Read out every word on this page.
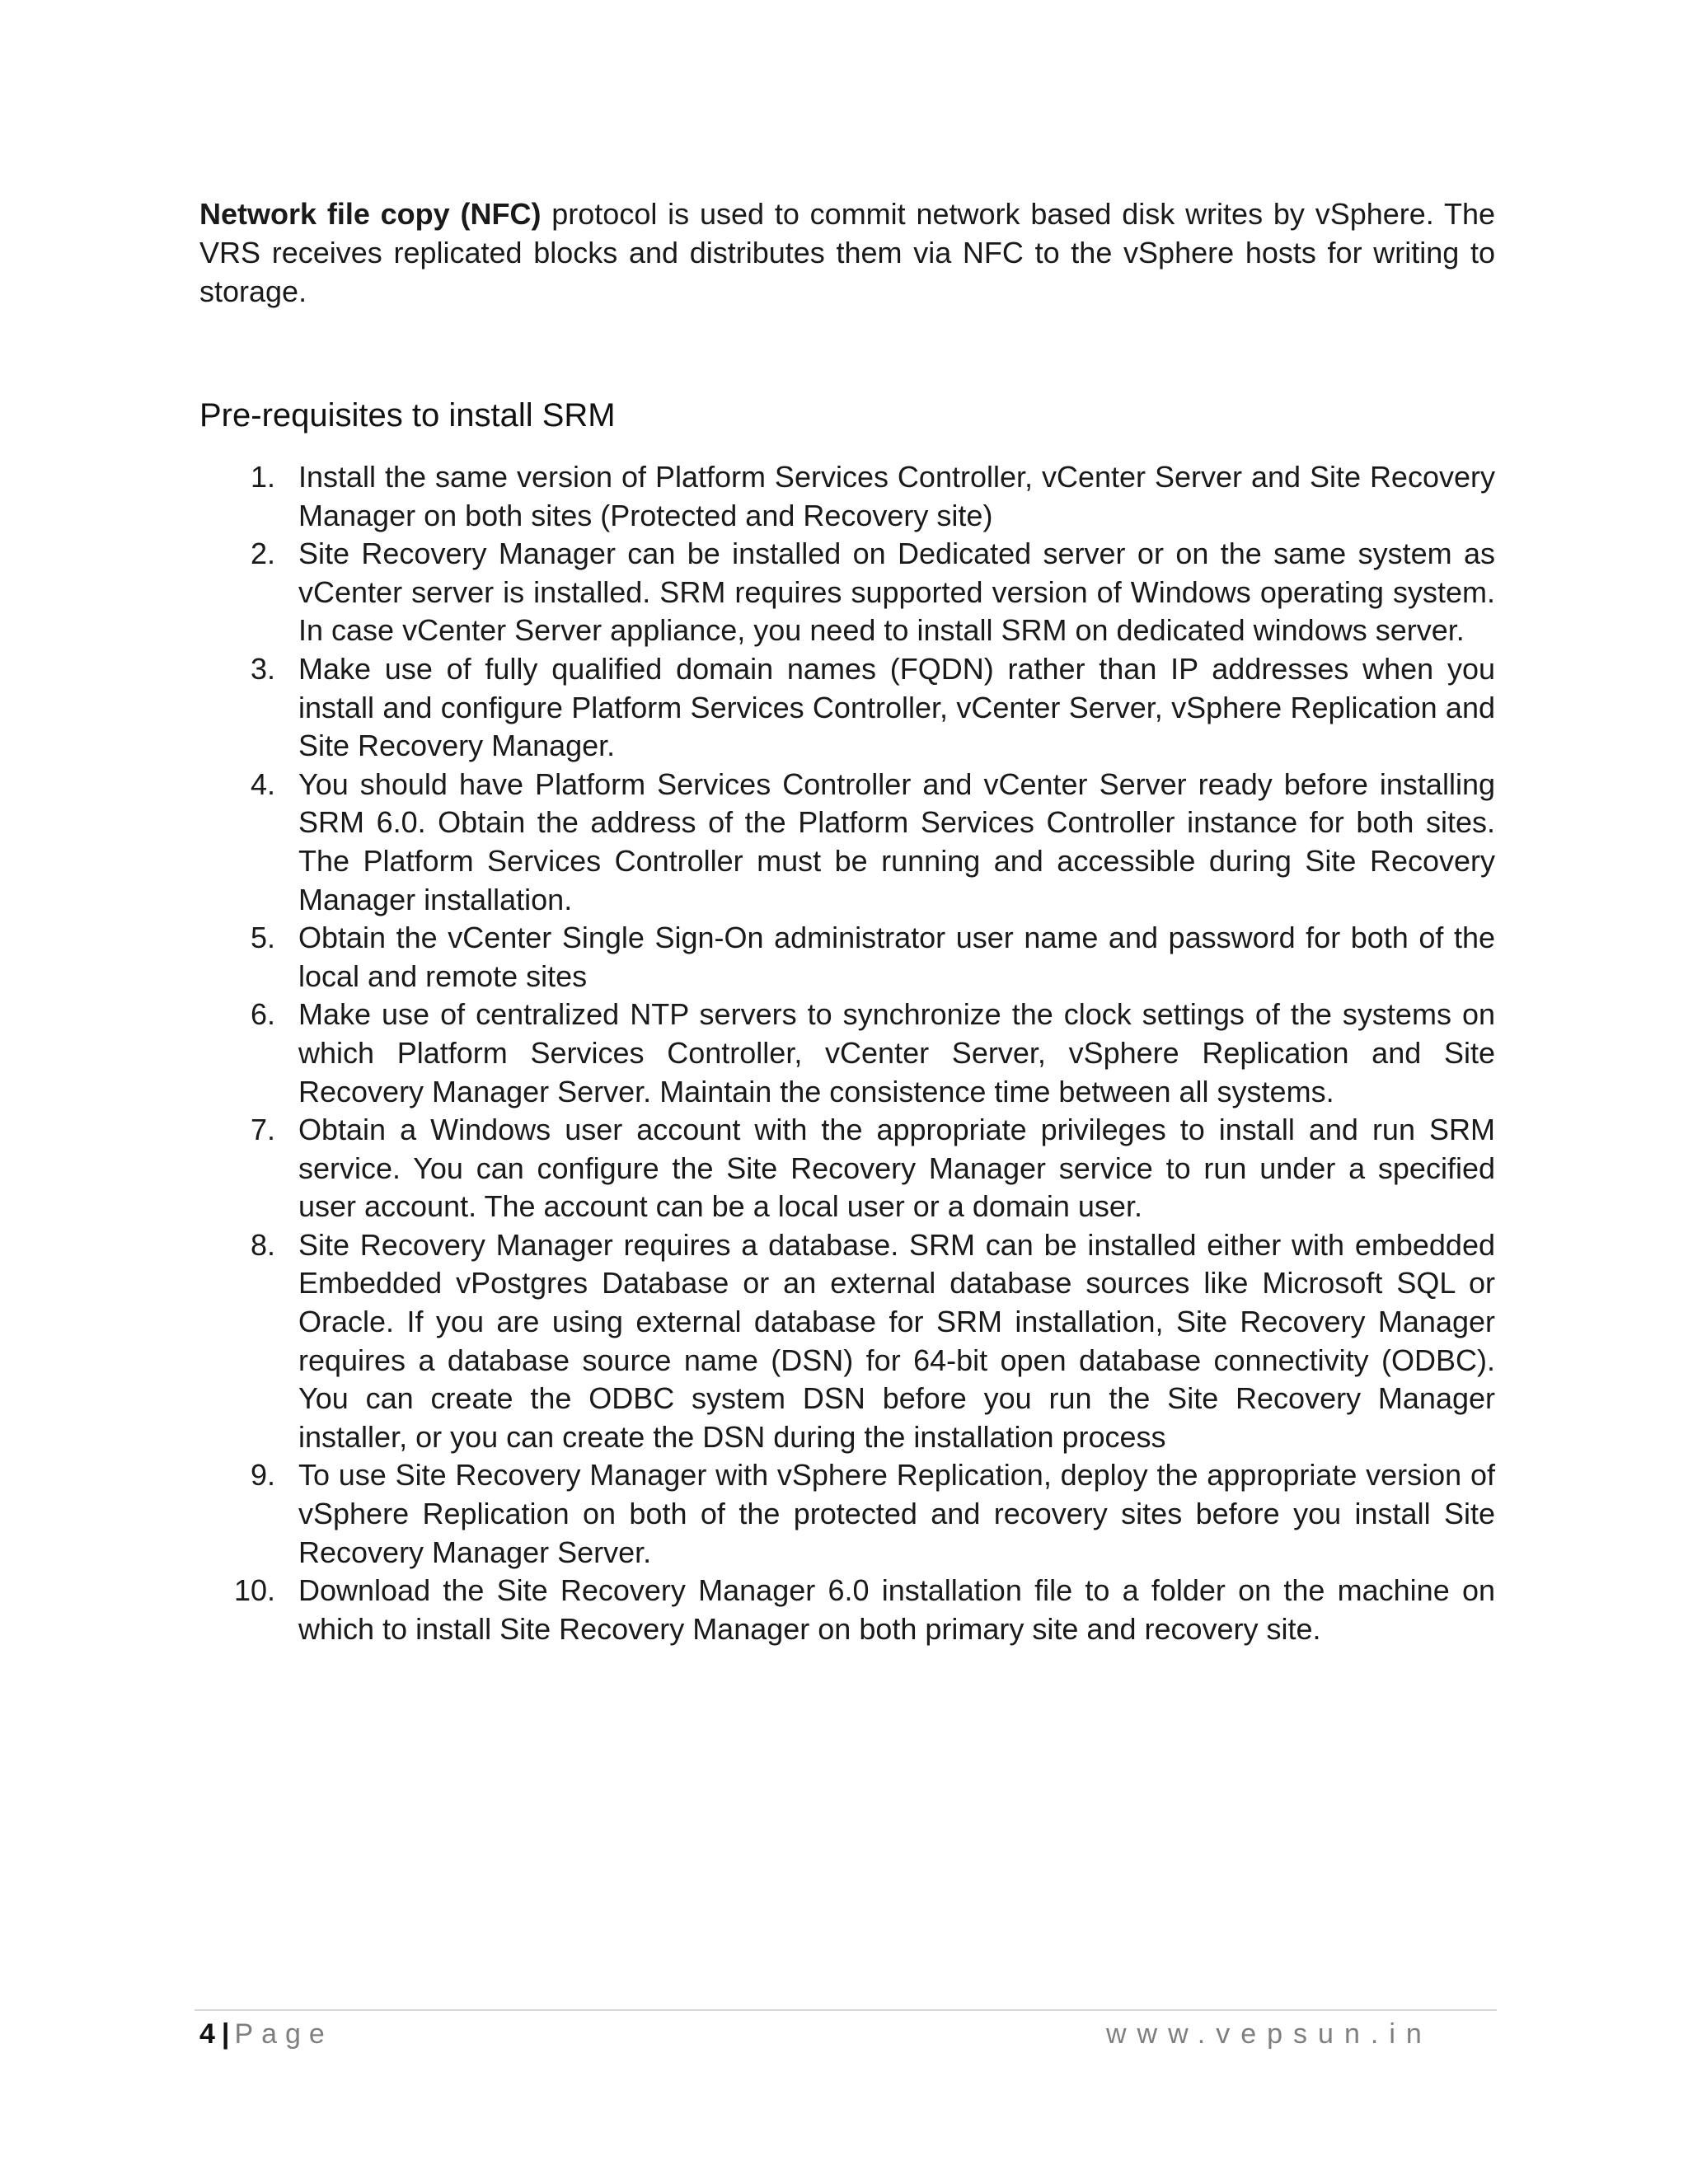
Network file copy (NFC) protocol is used to commit network based disk writes by vSphere. The VRS receives replicated blocks and distributes them via NFC to the vSphere hosts for writing to storage.

Pre-requisites to install SRM
1. Install the same version of Platform Services Controller, vCenter Server and Site Recovery Manager on both sites (Protected and Recovery site)
2. Site Recovery Manager can be installed on Dedicated server or on the same system as vCenter server is installed. SRM requires supported version of Windows operating system. In case vCenter Server appliance, you need to install SRM on dedicated windows server.
3. Make use of fully qualified domain names (FQDN) rather than IP addresses when you install and configure Platform Services Controller, vCenter Server, vSphere Replication and Site Recovery Manager.
4. You should have Platform Services Controller and vCenter Server ready before installing SRM 6.0. Obtain the address of the Platform Services Controller instance for both sites. The Platform Services Controller must be running and accessible during Site Recovery Manager installation.
5. Obtain the vCenter Single Sign-On administrator user name and password for both of the local and remote sites
6. Make use of centralized NTP servers to synchronize the clock settings of the systems on which Platform Services Controller, vCenter Server, vSphere Replication and Site Recovery Manager Server. Maintain the consistence time between all systems.
7. Obtain a Windows user account with the appropriate privileges to install and run SRM service. You can configure the Site Recovery Manager service to run under a specified user account. The account can be a local user or a domain user.
8. Site Recovery Manager requires a database. SRM can be installed either with embedded Embedded vPostgres Database or an external database sources like Microsoft SQL or Oracle. If you are using external database for SRM installation, Site Recovery Manager requires a database source name (DSN) for 64-bit open database connectivity (ODBC). You can create the ODBC system DSN before you run the Site Recovery Manager installer, or you can create the DSN during the installation process
9. To use Site Recovery Manager with vSphere Replication, deploy the appropriate version of vSphere Replication on both of the protected and recovery sites before you install Site Recovery Manager Server.
10. Download the Site Recovery Manager 6.0 installation file to a folder on the machine on which to install Site Recovery Manager on both primary site and recovery site.
4 | Page	www.vepsun.in
